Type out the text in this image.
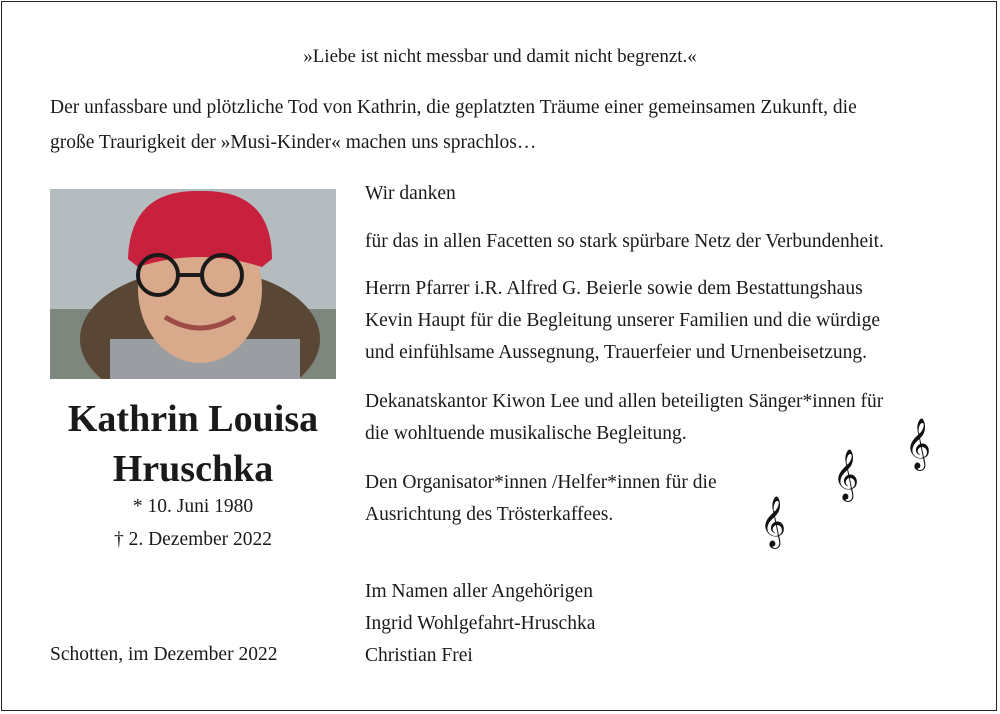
»Liebe ist nicht messbar und damit nicht begrenzt.«
Der unfassbare und plötzliche Tod von Kathrin, die geplatzten Träume einer gemeinsamen Zukunft, die
große Traurigkeit der »Musi-Kinder« machen uns sprachlos…
Kathrin Louisa
Hruschka
* 10. Juni 1980
† 2. Dezember 2022
Schotten, im Dezember 2022
Wir danken
für das in allen Facetten so stark spürbare Netz der Verbundenheit.
Herrn Pfarrer i.R. Alfred G. Beierle sowie dem Bestattungshaus
Kevin Haupt für die Begleitung unserer Familien und die würdige
und einfühlsame Aussegnung, Trauerfeier und Urnenbeisetzung.
Dekanatskantor Kiwon Lee und allen beteiligten Sänger*innen für
die wohltuende musikalische Begleitung.
Den Organisator*innen /Helfer*innen für die
Ausrichtung des Trösterkaffees.
Im Namen aller Angehörigen
Ingrid Wohlgefahrt-Hruschka
Christian Frei
𝄞
𝄞
𝄞
